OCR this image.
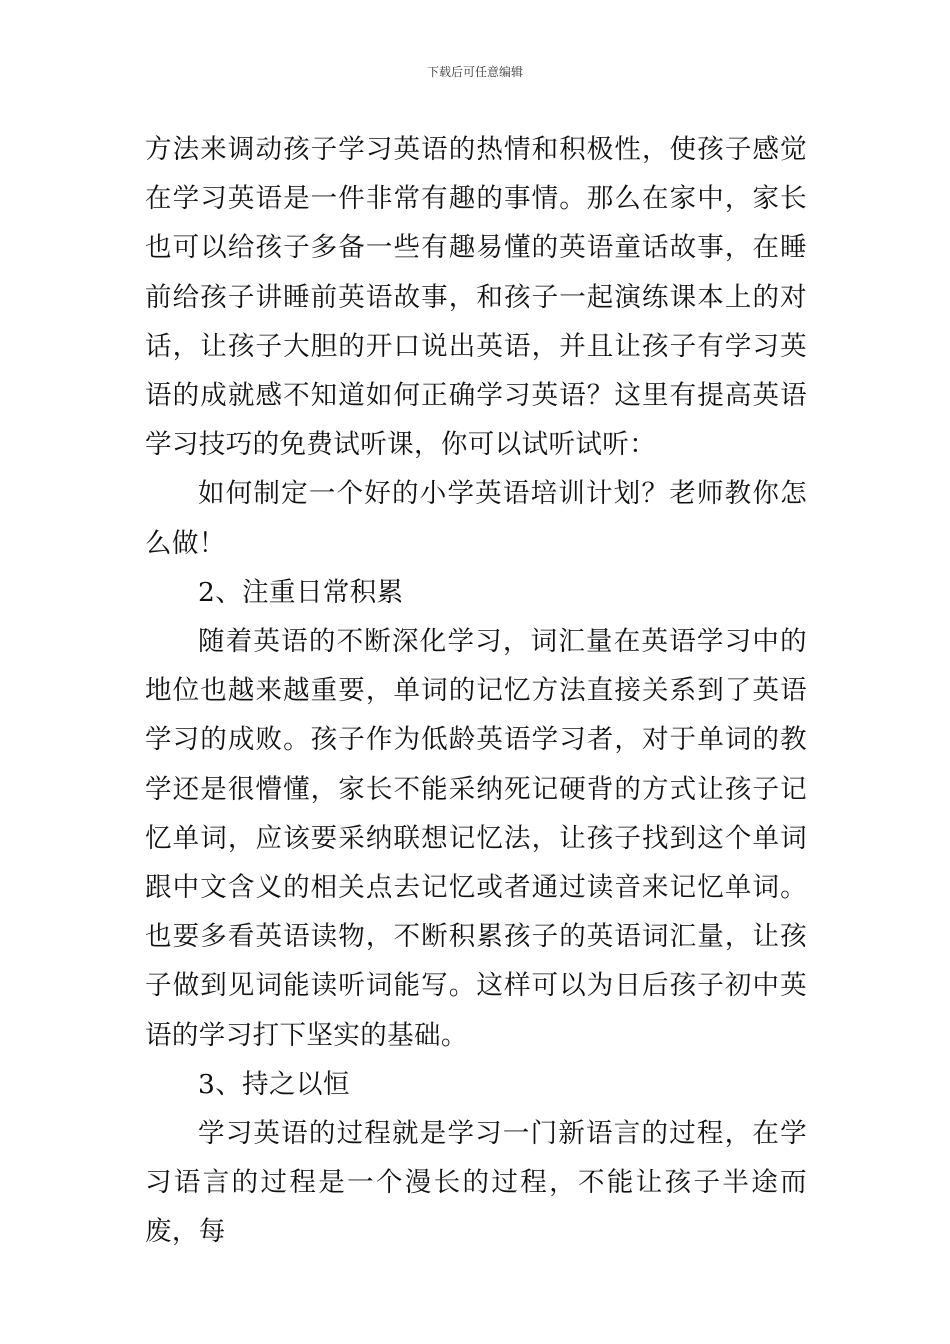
下载后可任意编辑

方法来调动孩子学习英语的热情和积极性，使孩子感觉在学习英语是一件非常有趣的事情。那么在家中，家长也可以给孩子多备一些有趣易懂的英语童话故事，在睡前给孩子讲睡前英语故事，和孩子一起演练课本上的对话，让孩子大胆的开口说出英语，并且让孩子有学习英语的成就感不知道如何正确学习英语？这里有提高英语学习技巧的免费试听课，你可以试听试听：

如何制定一个好的小学英语培训计划？老师教你怎么做！

2、注重日常积累

随着英语的不断深化学习，词汇量在英语学习中的地位也越来越重要，单词的记忆方法直接关系到了英语学习的成败。孩子作为低龄英语学习者，对于单词的教学还是很懵懂，家长不能采纳死记硬背的方式让孩子记忆单词，应该要采纳联想记忆法，让孩子找到这个单词跟中文含义的相关点去记忆或者通过读音来记忆单词。也要多看英语读物，不断积累孩子的英语词汇量，让孩子做到见词能读听词能写。这样可以为日后孩子初中英语的学习打下坚实的基础。

3、持之以恒

学习英语的过程就是学习一门新语言的过程，在学习语言的过程是一个漫长的过程，不能让孩子半途而废，每
